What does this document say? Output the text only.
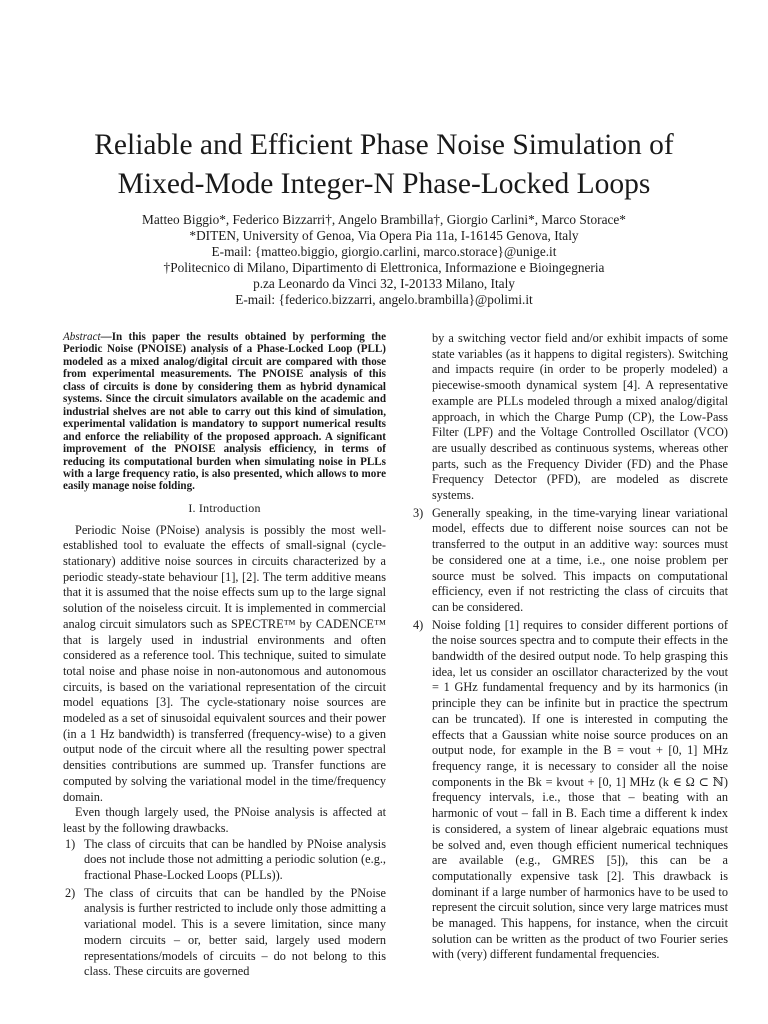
Reliable and Efficient Phase Noise Simulation of
Mixed-Mode Integer-N Phase-Locked Loops
Matteo Biggio*, Federico Bizzarri†, Angelo Brambilla†, Giorgio Carlini*, Marco Storace*
*DITEN, University of Genoa, Via Opera Pia 11a, I-16145 Genova, Italy
E-mail: {matteo.biggio, giorgio.carlini, marco.storace}@unige.it
†Politecnico di Milano, Dipartimento di Elettronica, Informazione e Bioingegneria
p.za Leonardo da Vinci 32, I-20133 Milano, Italy
E-mail: {federico.bizzarri, angelo.brambilla}@polimi.it

Abstract—In this paper the results obtained by performing the Periodic Noise (PNOISE) analysis of a Phase-Locked Loop (PLL) modeled as a mixed analog/digital circuit are compared with those from experimental measurements. The PNOISE analysis of this class of circuits is done by considering them as hybrid dynamical systems. Since the circuit simulators available on the academic and industrial shelves are not able to carry out this kind of simulation, experimental validation is mandatory to support numerical results and enforce the reliability of the proposed approach. A significant improvement of the PNOISE analysis efficiency, in terms of reducing its computational burden when simulating noise in PLLs with a large frequency ratio, is also presented, which allows to more easily manage noise folding.

I. Introduction

Periodic Noise (PNoise) analysis is possibly the most well-established tool to evaluate the effects of small-signal (cycle-stationary) additive noise sources in circuits characterized by a periodic steady-state behaviour [1], [2]. The term additive means that it is assumed that the noise effects sum up to the large signal solution of the noiseless circuit. It is implemented in commercial analog circuit simulators such as SPECTRE™ by CADENCE™ that is largely used in industrial environments and often considered as a reference tool. This technique, suited to simulate total noise and phase noise in non-autonomous and autonomous circuits, is based on the variational representation of the circuit model equations [3]. The cycle-stationary noise sources are modeled as a set of sinusoidal equivalent sources and their power (in a 1 Hz bandwidth) is transferred (frequency-wise) to a given output node of the circuit where all the resulting power spectral densities contributions are summed up. Transfer functions are computed by solving the variational model in the time/frequency domain.

Even though largely used, the PNoise analysis is affected at least by the following drawbacks.

1) The class of circuits that can be handled by PNoise analysis does not include those not admitting a periodic solution (e.g., fractional Phase-Locked Loops (PLLs)).
2) The class of circuits that can be handled by the PNoise analysis is further restricted to include only those admitting a variational model. This is a severe limitation, since many modern circuits – or, better said, largely used modern representations/models of circuits – do not belong to this class. These circuits are governed
by a switching vector field and/or exhibit impacts of some state variables (as it happens to digital registers). Switching and impacts require (in order to be properly modeled) a piecewise-smooth dynamical system [4]. A representative example are PLLs modeled through a mixed analog/digital approach, in which the Charge Pump (CP), the Low-Pass Filter (LPF) and the Voltage Controlled Oscillator (VCO) are usually described as continuous systems, whereas other parts, such as the Frequency Divider (FD) and the Phase Frequency Detector (PFD), are modeled as discrete systems.
3) Generally speaking, in the time-varying linear variational model, effects due to different noise sources can not be transferred to the output in an additive way: sources must be considered one at a time, i.e., one noise problem per source must be solved. This impacts on computational efficiency, even if not restricting the class of circuits that can be considered.
4) Noise folding [1] requires to consider different portions of the noise sources spectra and to compute their effects in the bandwidth of the desired output node. To help grasping this idea, let us consider an oscillator characterized by the νout = 1 GHz fundamental frequency and by its harmonics (in principle they can be infinite but in practice the spectrum can be truncated). If one is interested in computing the effects that a Gaussian white noise source produces on an output node, for example in the B = νout + [0, 1] MHz frequency range, it is necessary to consider all the noise components in the Bk = kνout + [0, 1] MHz (k ∈ Ω ⊂ ℕ) frequency intervals, i.e., those that – beating with an harmonic of νout – fall in B. Each time a different k index is considered, a system of linear algebraic equations must be solved and, even though efficient numerical techniques are available (e.g., GMRES [5]), this can be a computationally expensive task [2]. This drawback is dominant if a large number of harmonics have to be used to represent the circuit solution, since very large matrices must be managed. This happens, for instance, when the circuit solution can be written as the product of two Fourier series with (very) different fundamental frequencies.
